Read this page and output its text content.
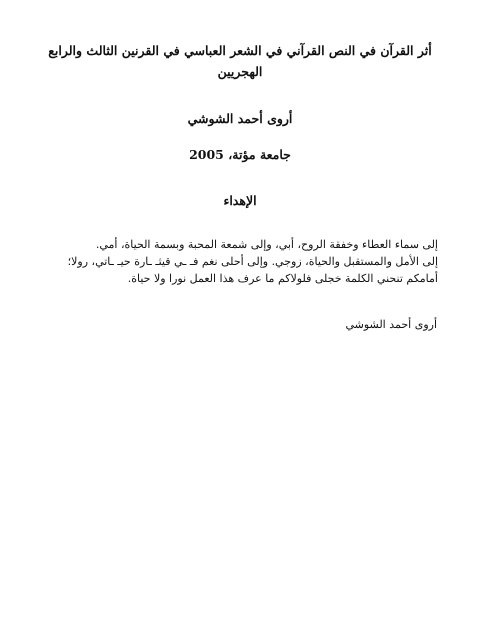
أثر القرآن في النص القرآني في الشعر العباسي في القرنين الثالث والرابع الهجريين

أروى أحمد الشوشي

جامعة مؤتة، 2005

الإهداء
إلى سماء العطاء وخفقة الروح، أبي، وإلى شمعة المحبة وبسمة الحياة، أمي.
إلى الأمل والمستقبل والحياة، زوجي. وإلى أحلى نغم فـ ـي قيثـ ـارة حيـ ـاتي، رولا؛
أمامكم تنحني الكلمة خجلى فلولاكم ما عرف هذا العمل نورا ولا حياة.

أروى أحمد الشوشي
